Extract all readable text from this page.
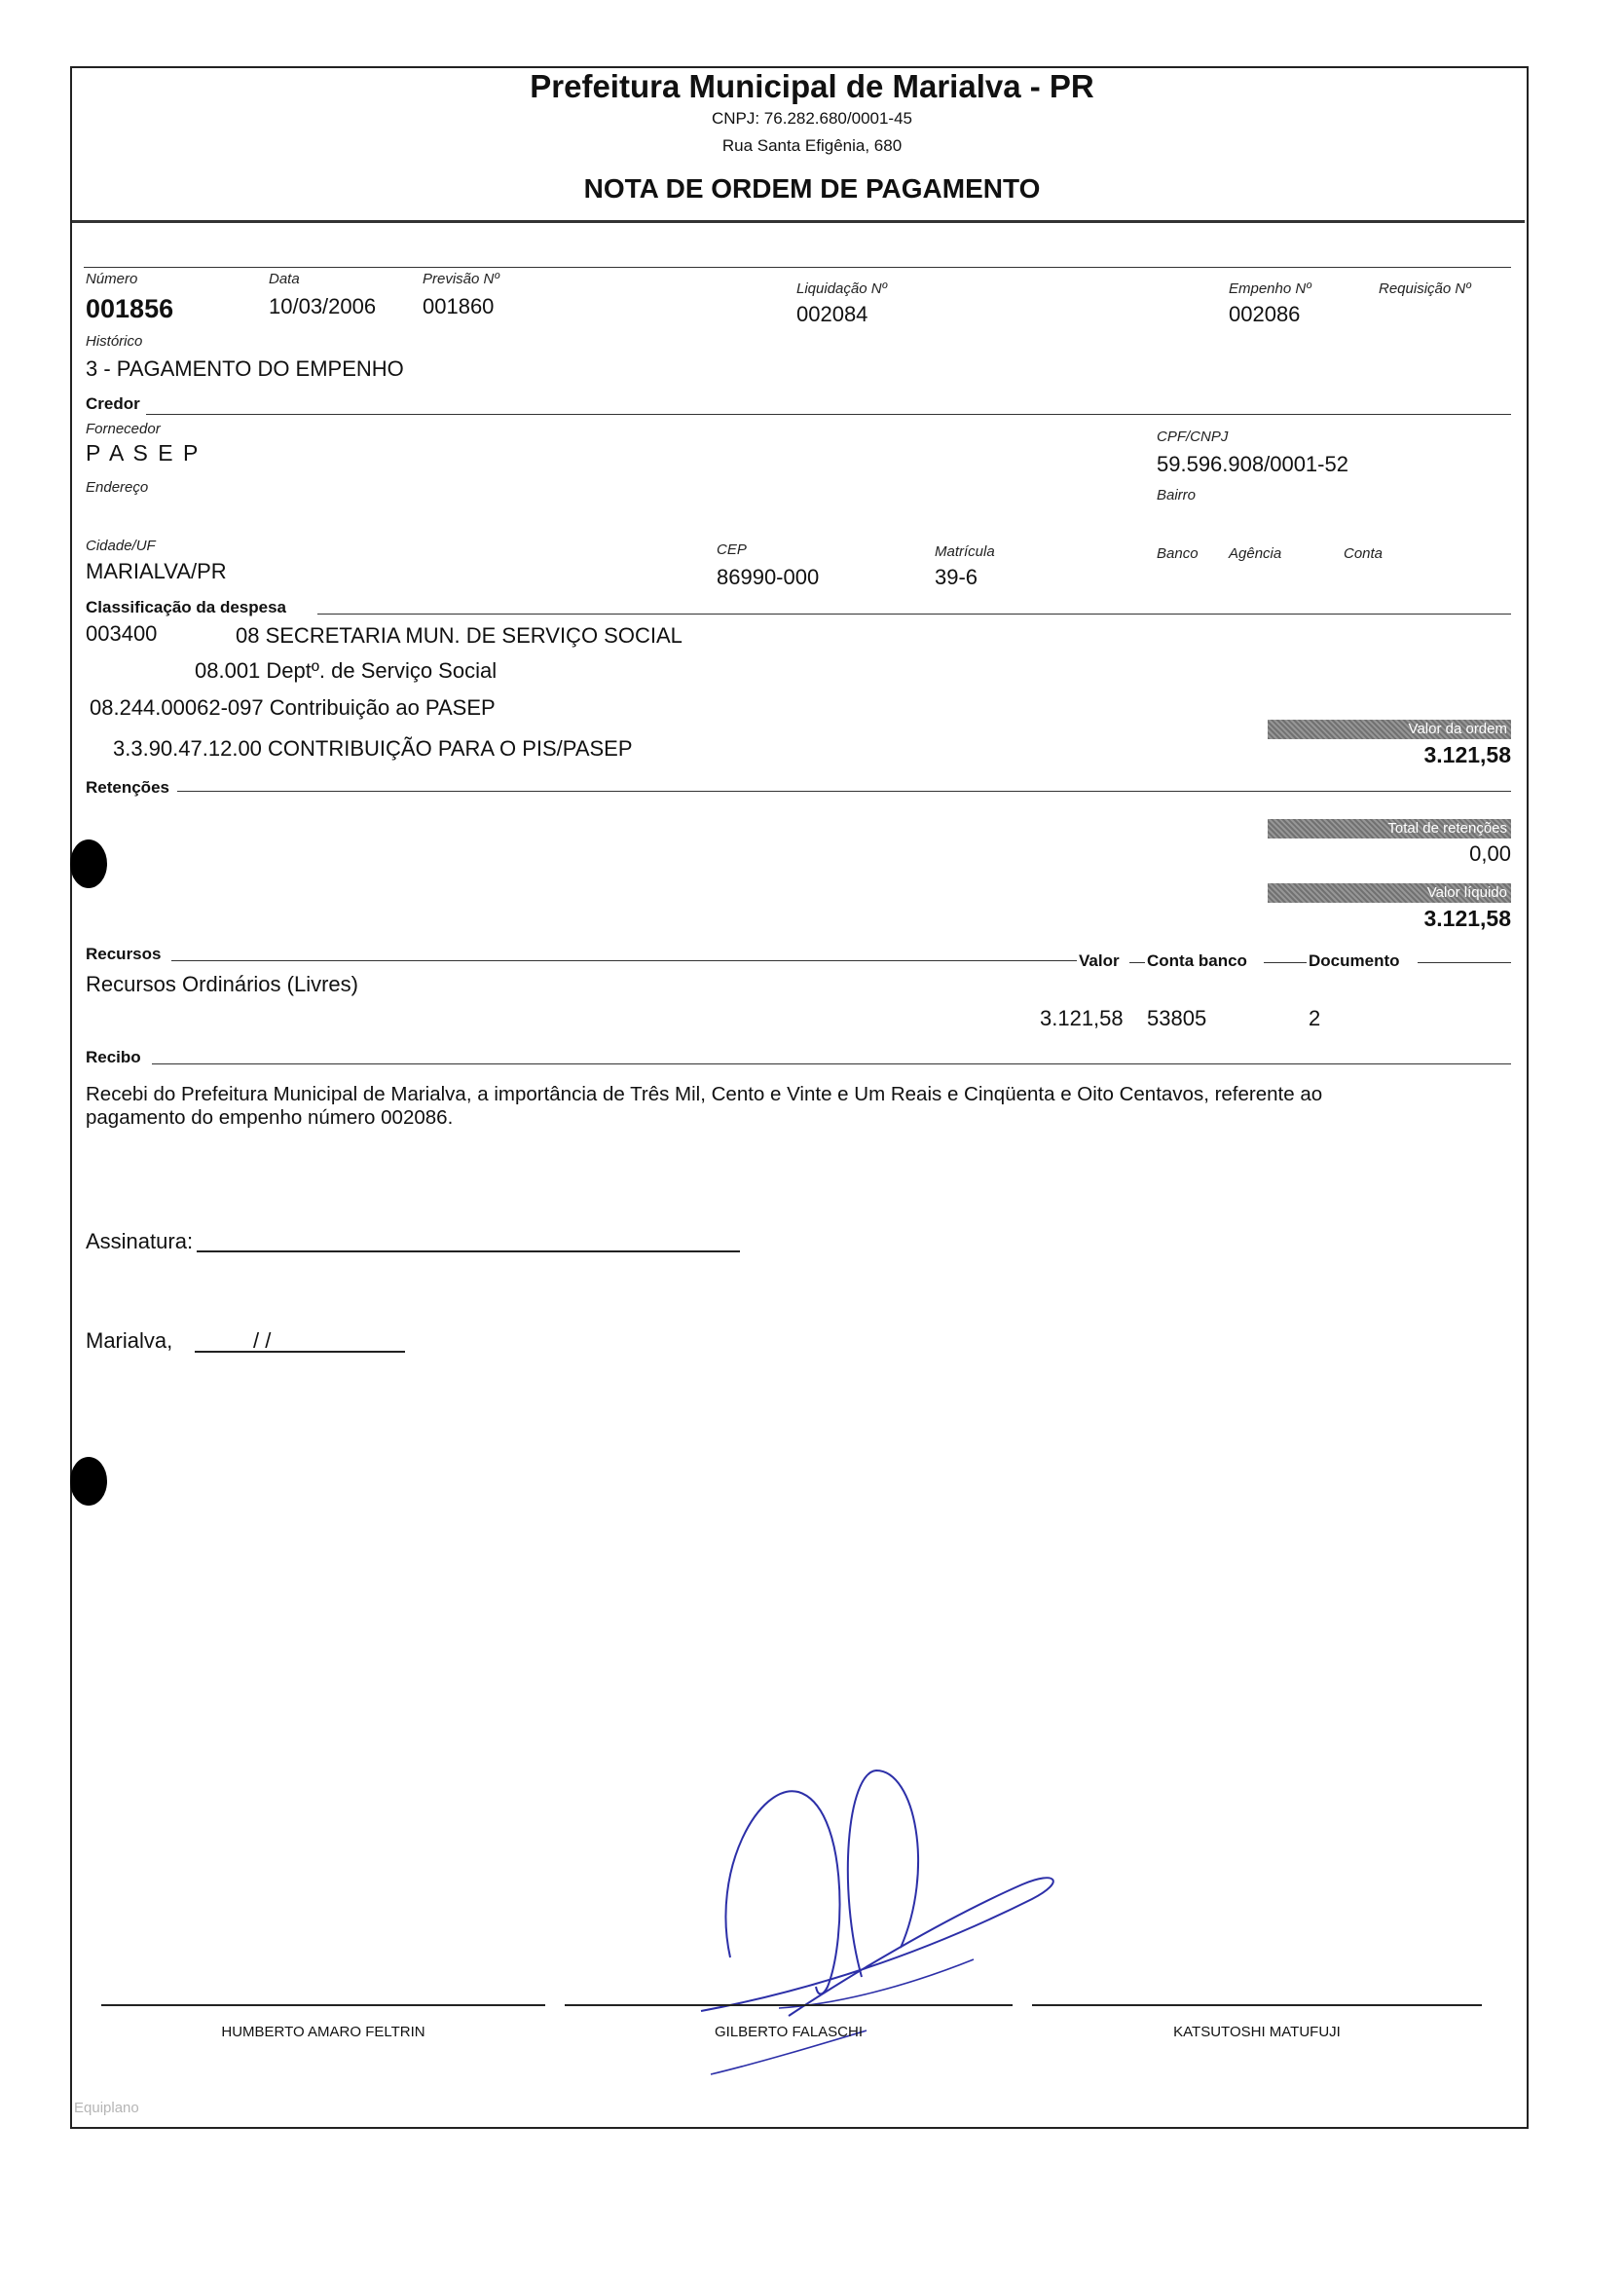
Prefeitura Municipal de Marialva - PR
CNPJ: 76.282.680/0001-45
Rua Santa Efigênia, 680
NOTA DE ORDEM DE PAGAMENTO
Número
001856
Data
10/03/2006
Previsão Nº
001860
Liquidação Nº
002084
Empenho Nº
002086
Requisição Nº
Histórico
3 - PAGAMENTO DO EMPENHO
Credor
Fornecedor
P A S E P
CPF/CNPJ
59.596.908/0001-52
Endereço	Bairro
Cidade/UF
MARIALVA/PR
CEP
86990-000
Matrícula
39-6
Banco Agência	Conta
Classificação da despesa
003400	08 SECRETARIA MUN. DE SERVIÇO SOCIAL
08.001 Deptº. de Serviço Social
08.244.00062-097 Contribuição ao PASEP
3.3.90.47.12.00 CONTRIBUIÇÃO PARA O PIS/PASEP
Valor da ordem
3.121,58
Total de retenções
0,00
Valor líquido
3.121,58
Retenções
Recursos	Valor Conta banco	Documento
Recursos Ordinários (Livres)
3.121,58 53805	2
Recibo
Recebi do Prefeitura Municipal de Marialva, a importância de Três Mil, Cento e Vinte e Um Reais e Cinqüenta e Oito Centavos, referente ao
pagamento do empenho número 002086.
Assinatura:
Marialva,	/ /
HUMBERTO AMARO FELTRIN	GILBERTO FALASCHI	KATSUTOSHI MATUFUJI
Equiplano
